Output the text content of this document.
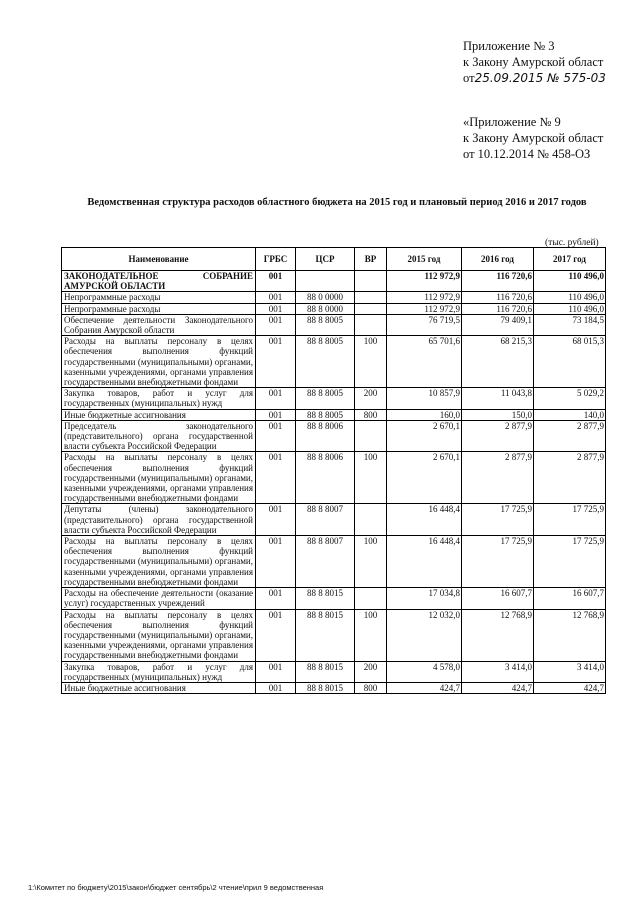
Приложение № 3
к Закону Амурской област
от25.09.2015 № 575-03
«Приложение № 9
к Закону Амурской област
от 10.12.2014 № 458-ОЗ
Ведомственная структура расходов областного бюджета на 2015 год и плановый период 2016 и 2017 годов
(тыс. рублей)
Наименование	ГРБС	ЦСР	ВР	2015 год	2016 год	2017 год
ЗАКОНОДАТЕЛЬНОЕ СОБРАНИЕ АМУРСКОЙ ОБЛАСТИ	001			112 972,9	116 720,6	110 496,0
Непрограммные расходы	001	88 0 0000		112 972,9	116 720,6	110 496,0
Непрограммные расходы	001	88 8 0000		112 972,9	116 720,6	110 496,0
Обеспечение деятельности Законодательного Собрания Амурской области	001	88 8 8005		76 719,5	79 409,1	73 184,5
Расходы на выплаты персоналу в целях обеспечения выполнения функций государственными (муниципальными) органами, казенными учреждениями, органами управления государственными внебюджетными фондами	001	88 8 8005	100	65 701,6	68 215,3	68 015,3
Закупка товаров, работ и услуг для государственных (муниципальных) нужд	001	88 8 8005	200	10 857,9	11 043,8	5 029,2
Иные бюджетные ассигнования	001	88 8 8005	800	160,0	150,0	140,0
Председатель законодательного (представительного) органа государственной власти субъекта Российской Федерации	001	88 8 8006		2 670,1	2 877,9	2 877,9
Расходы на выплаты персоналу в целях обеспечения выполнения функций государственными (муниципальными) органами, казенными учреждениями, органами управления государственными внебюджетными фондами	001	88 8 8006	100	2 670,1	2 877,9	2 877,9
Депутаты (члены) законодательного (представительного) органа государственной власти субъекта Российской Федерации	001	88 8 8007		16 448,4	17 725,9	17 725,9
Расходы на выплаты персоналу в целях обеспечения выполнения функций государственными (муниципальными) органами, казенными учреждениями, органами управления государственными внебюджетными фондами	001	88 8 8007	100	16 448,4	17 725,9	17 725,9
Расходы на обеспечение деятельности (оказание услуг) государственных учреждений	001	88 8 8015		17 034,8	16 607,7	16 607,7
Расходы на выплаты персоналу в целях обеспечения выполнения функций государственными (муниципальными) органами, казенными учреждениями, органами управления государственными внебюджетными фондами	001	88 8 8015	100	12 032,0	12 768,9	12 768,9
Закупка товаров, работ и услуг для государственных (муниципальных) нужд	001	88 8 8015	200	4 578,0	3 414,0	3 414,0
Иные бюджетные ассигнования	001	88 8 8015	800	424,7	424,7	424,7
1:\Комитет по бюджету\2015\закон\бюджет сентябрь\2 чтение\прил 9 ведомственная
